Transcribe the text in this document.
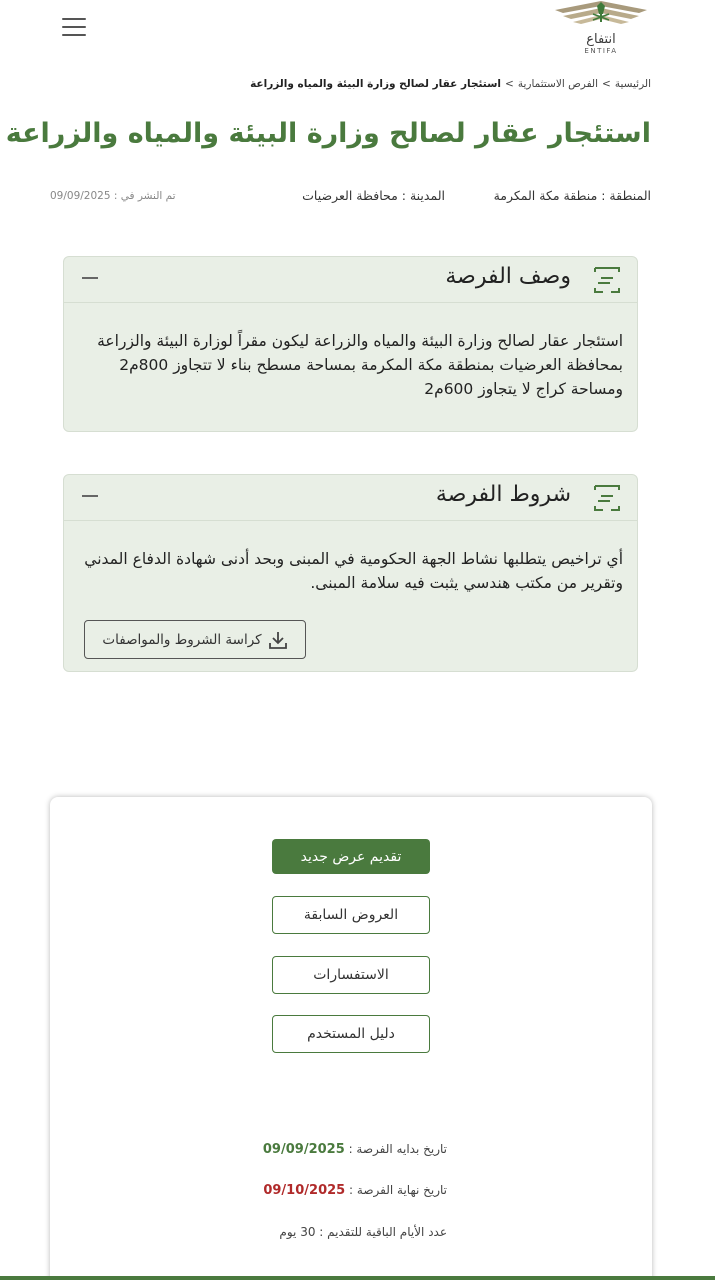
انتفاع
ENTIFA
الرئيسية>الفرص الاستثمارية>استئجار عقار لصالح وزارة البيئة والمياه والزراعة
استئجار عقار لصالح وزارة البيئة والمياه والزراعة
المنطقة : منطقة مكة المكرمة
المدينة : محافظة العرضيات
تم النشر في : 09/09/2025
وصف الفرصة
استئجار عقار لصالح وزارة البيئة والمياه والزراعة ليكون مقراً لوزارة البيئة والزراعة بمحافظة العرضيات بمنطقة مكة المكرمة بمساحة مسطح بناء لا تتجاوز 800م2 ومساحة كراج لا يتجاوز 600م2
شروط الفرصة
أي تراخيص يتطلبها نشاط الجهة الحكومية في المبنى وبحد أدنى شهادة الدفاع المدني وتقرير من مكتب هندسي يثبت فيه سلامة المبنى.
كراسة الشروط والمواصفات
تقديم عرض جديد
العروض السابقة
الاستفسارات
دليل المستخدم
تاريخ بدايه الفرصة : 09/09/2025
تاريخ نهاية الفرصة : 09/10/2025
عدد الأيام الباقية للتقديم : 30 يوم
